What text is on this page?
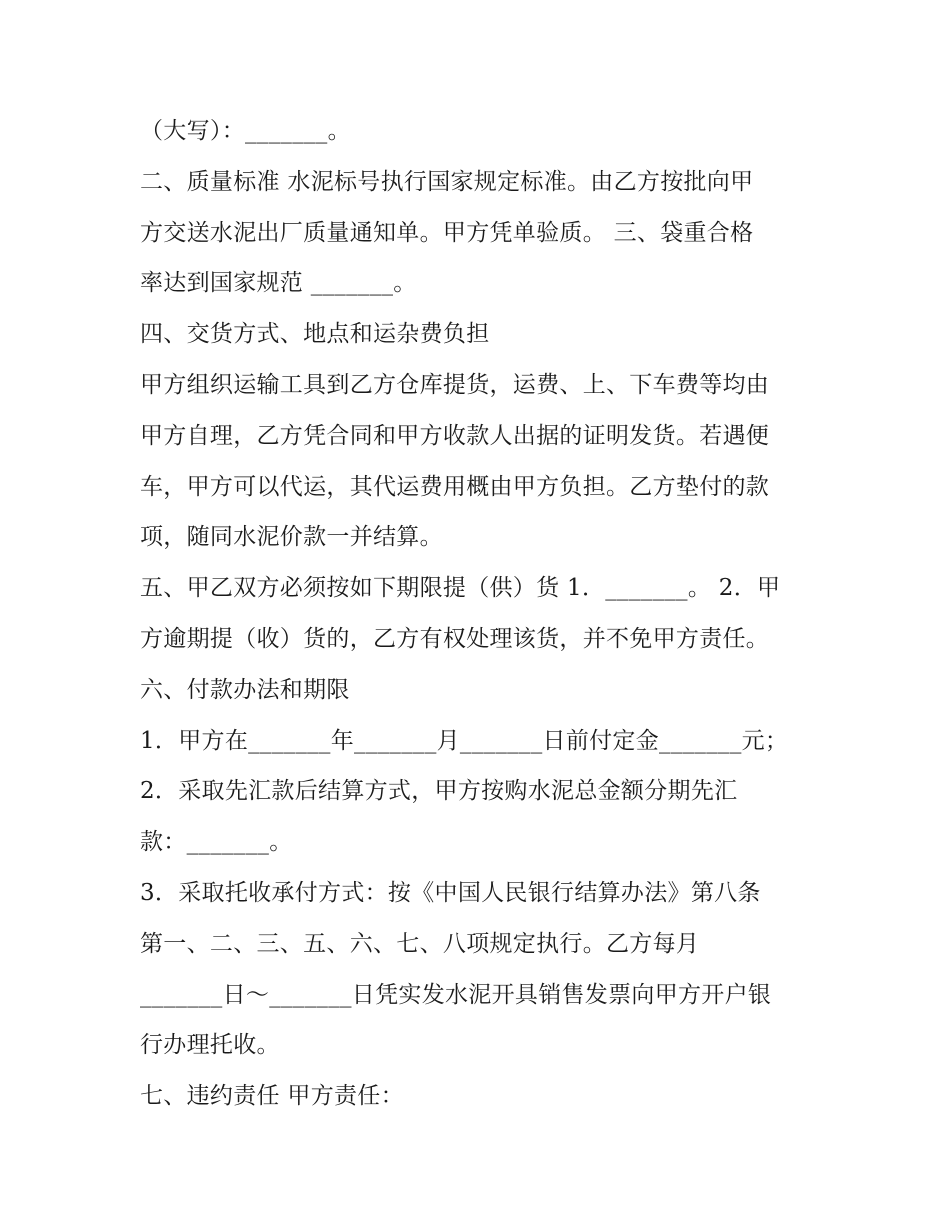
（大写）：_______。
二、质量标准 水泥标号执行国家规定标准。由乙方按批向甲
方交送水泥出厂质量通知单。甲方凭单验质。 三、袋重合格
率达到国家规范 _______。
四、交货方式、地点和运杂费负担
甲方组织运输工具到乙方仓库提货，运费、上、下车费等均由
甲方自理，乙方凭合同和甲方收款人出据的证明发货。若遇便
车，甲方可以代运，其代运费用概由甲方负担。乙方垫付的款
项，随同水泥价款一并结算。
五、甲乙双方必须按如下期限提（供）货 1．_______。 2．甲
方逾期提（收）货的，乙方有权处理该货，并不免甲方责任。
六、付款办法和期限
1．甲方在_______年_______月_______日前付定金_______元；
2．采取先汇款后结算方式，甲方按购水泥总金额分期先汇
款：_______。
3．采取托收承付方式：按《中国人民银行结算办法》第八条
第一、二、三、五、六、七、八项规定执行。乙方每月
_______日～_______日凭实发水泥开具销售发票向甲方开户银
行办理托收。
七、违约责任 甲方责任：
